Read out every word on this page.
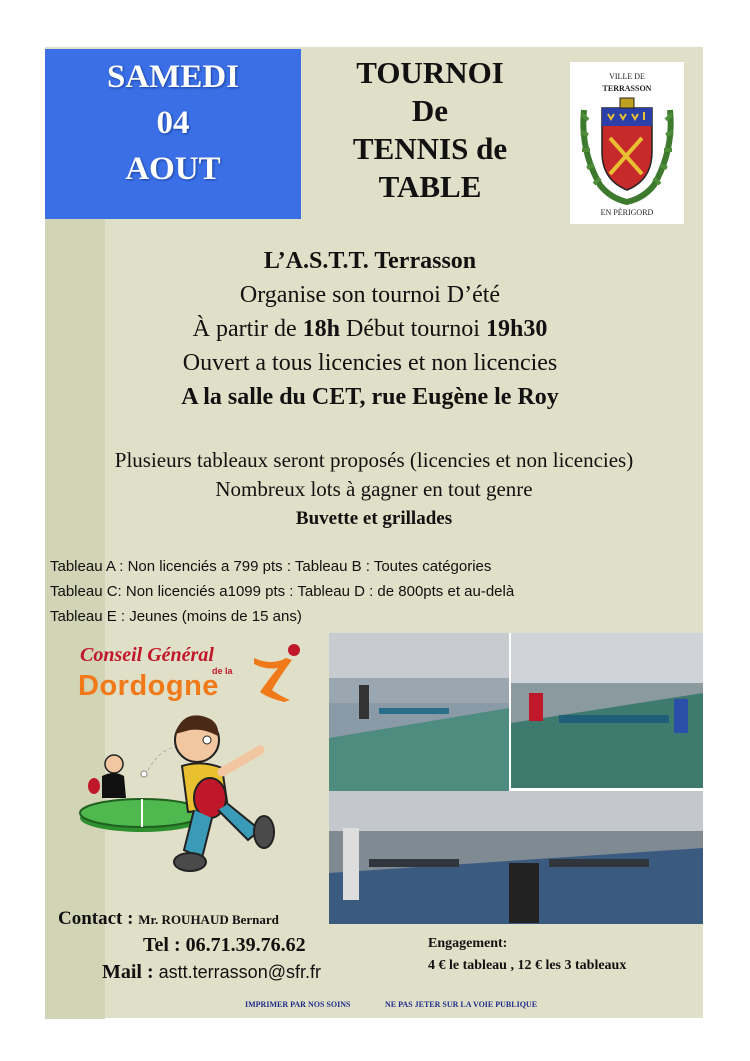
SAMEDI
04
AOUT
TOURNOI
De
TENNIS de
TABLE
VILLE DE
TERRASSON
EN PÉRIGORD
L’A.S.T.T. Terrasson
Organise son tournoi D’été
À partir de 18h Début tournoi 19h30
Ouvert a tous licencies et non licencies
A la salle du CET, rue Eugène le Roy
Plusieurs tableaux seront proposés (licencies et non licencies)
Nombreux lots à gagner en tout genre
Buvette et grillades
Tableau A : Non licenciés a 799 pts : Tableau B : Toutes catégories
Tableau C: Non licenciés a1099 pts : Tableau D : de 800pts et au-delà
Tableau E : Jeunes (moins de 15 ans)
Conseil Général
de la
Dordogne
Contact : Mr. ROUHAUD Bernard
Tel : 06.71.39.76.62
Mail : astt.terrasson@sfr.fr
Engagement:
4 € le tableau , 12 € les 3 tableaux
IMPRIMER PAR NOS SOINS	NE PAS JETER SUR LA VOIE PUBLIQUE
